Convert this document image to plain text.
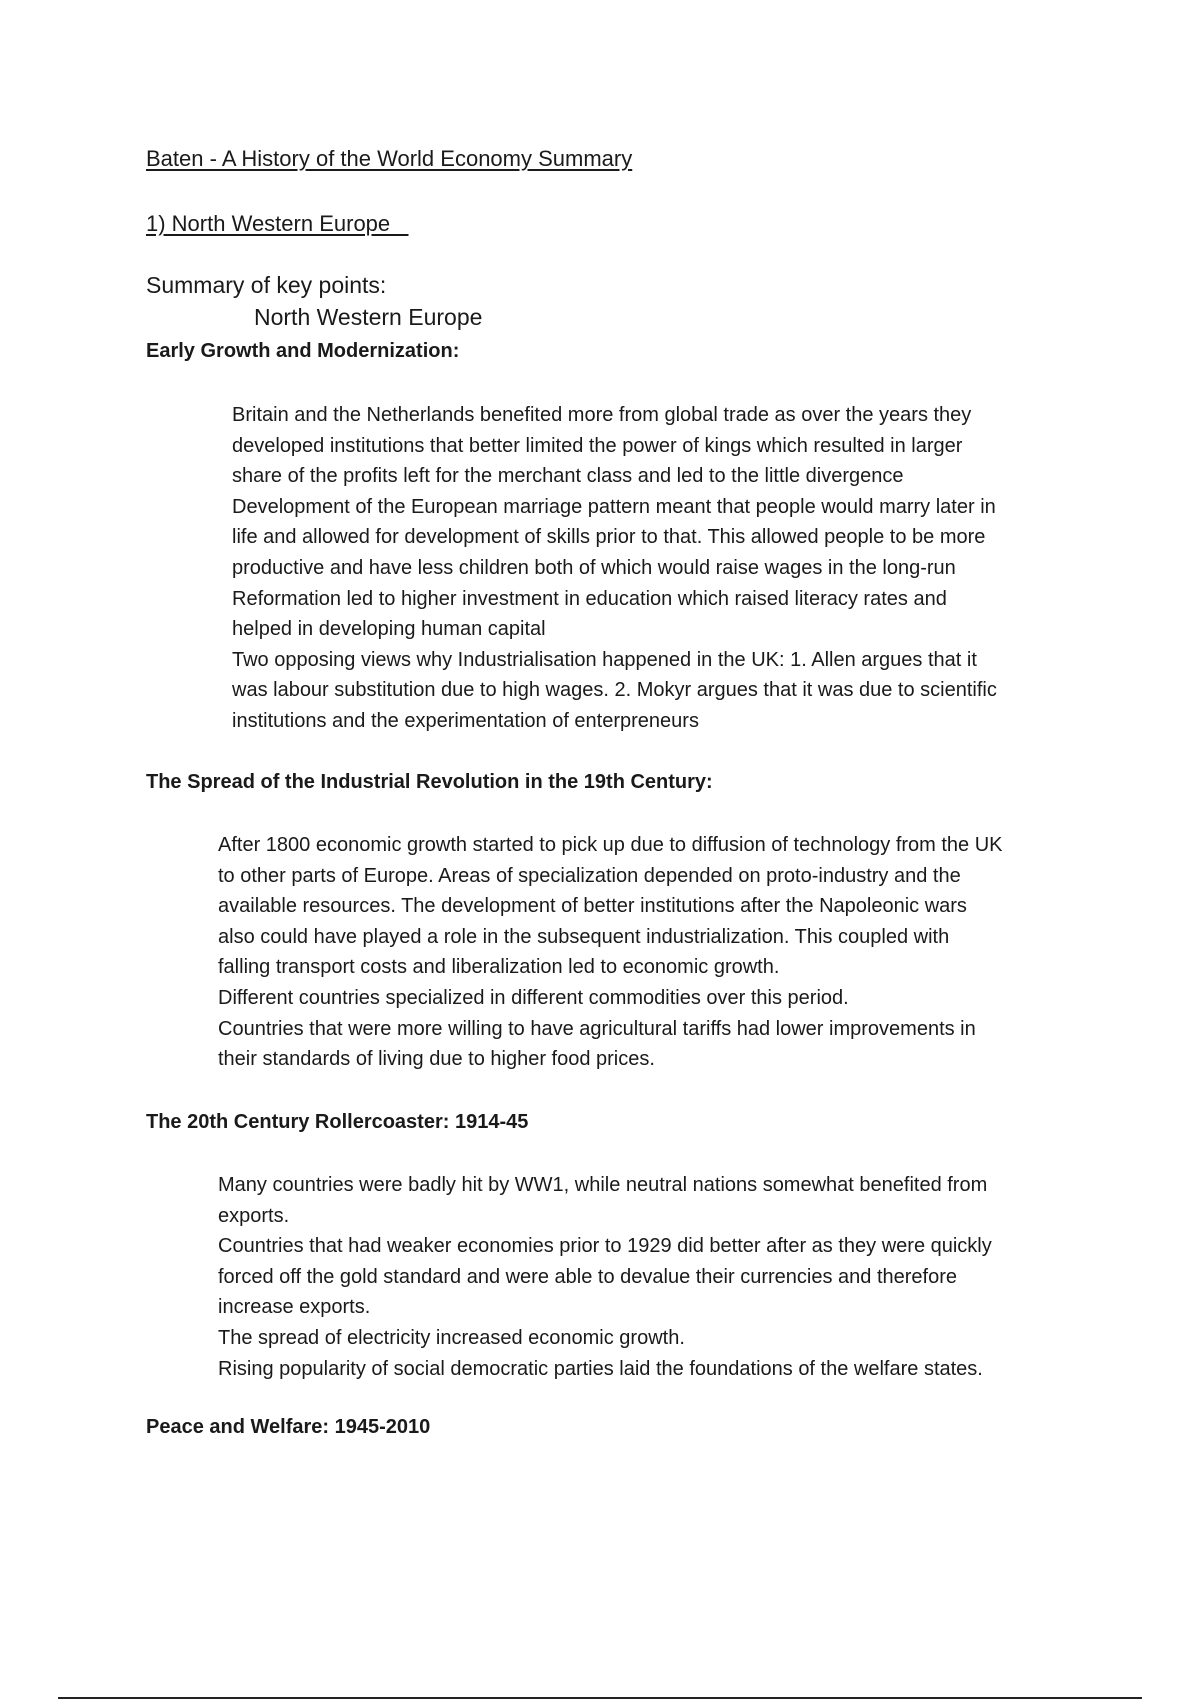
Baten - A History of the World Economy Summary
1) North Western Europe

Summary of key points:

North Western Europe

Early Growth and Modernization:
Britain and the Netherlands benefited more from global trade as over the years they
developed institutions that better limited the power of kings which resulted in larger
share of the profits left for the merchant class and led to the little divergence
Development of the European marriage pattern meant that people would marry later in
life and allowed for development of skills prior to that. This allowed people to be more
productive and have less children both of which would raise wages in the long-run
Reformation led to higher investment in education which raised literacy rates and
helped in developing human capital
Two opposing views why Industrialisation happened in the UK: 1. Allen argues that it
was labour substitution due to high wages. 2. Mokyr argues that it was due to scientific
institutions and the experimentation of enterpreneurs
The Spread of the Industrial Revolution in the 19th Century:
After 1800 economic growth started to pick up due to diffusion of technology from the UK
to other parts of Europe. Areas of specialization depended on proto-industry and the
available resources. The development of better institutions after the Napoleonic wars
also could have played a role in the subsequent industrialization. This coupled with
falling transport costs and liberalization led to economic growth.
Different countries specialized in different commodities over this period.
Countries that were more willing to have agricultural tariffs had lower improvements in
their standards of living due to higher food prices.
The 20th Century Rollercoaster: 1914-45
Many countries were badly hit by WW1, while neutral nations somewhat benefited from
exports.
Countries that had weaker economies prior to 1929 did better after as they were quickly
forced off the gold standard and were able to devalue their currencies and therefore
increase exports.
The spread of electricity increased economic growth.
Rising popularity of social democratic parties laid the foundations of the welfare states.
Peace and Welfare: 1945-2010
